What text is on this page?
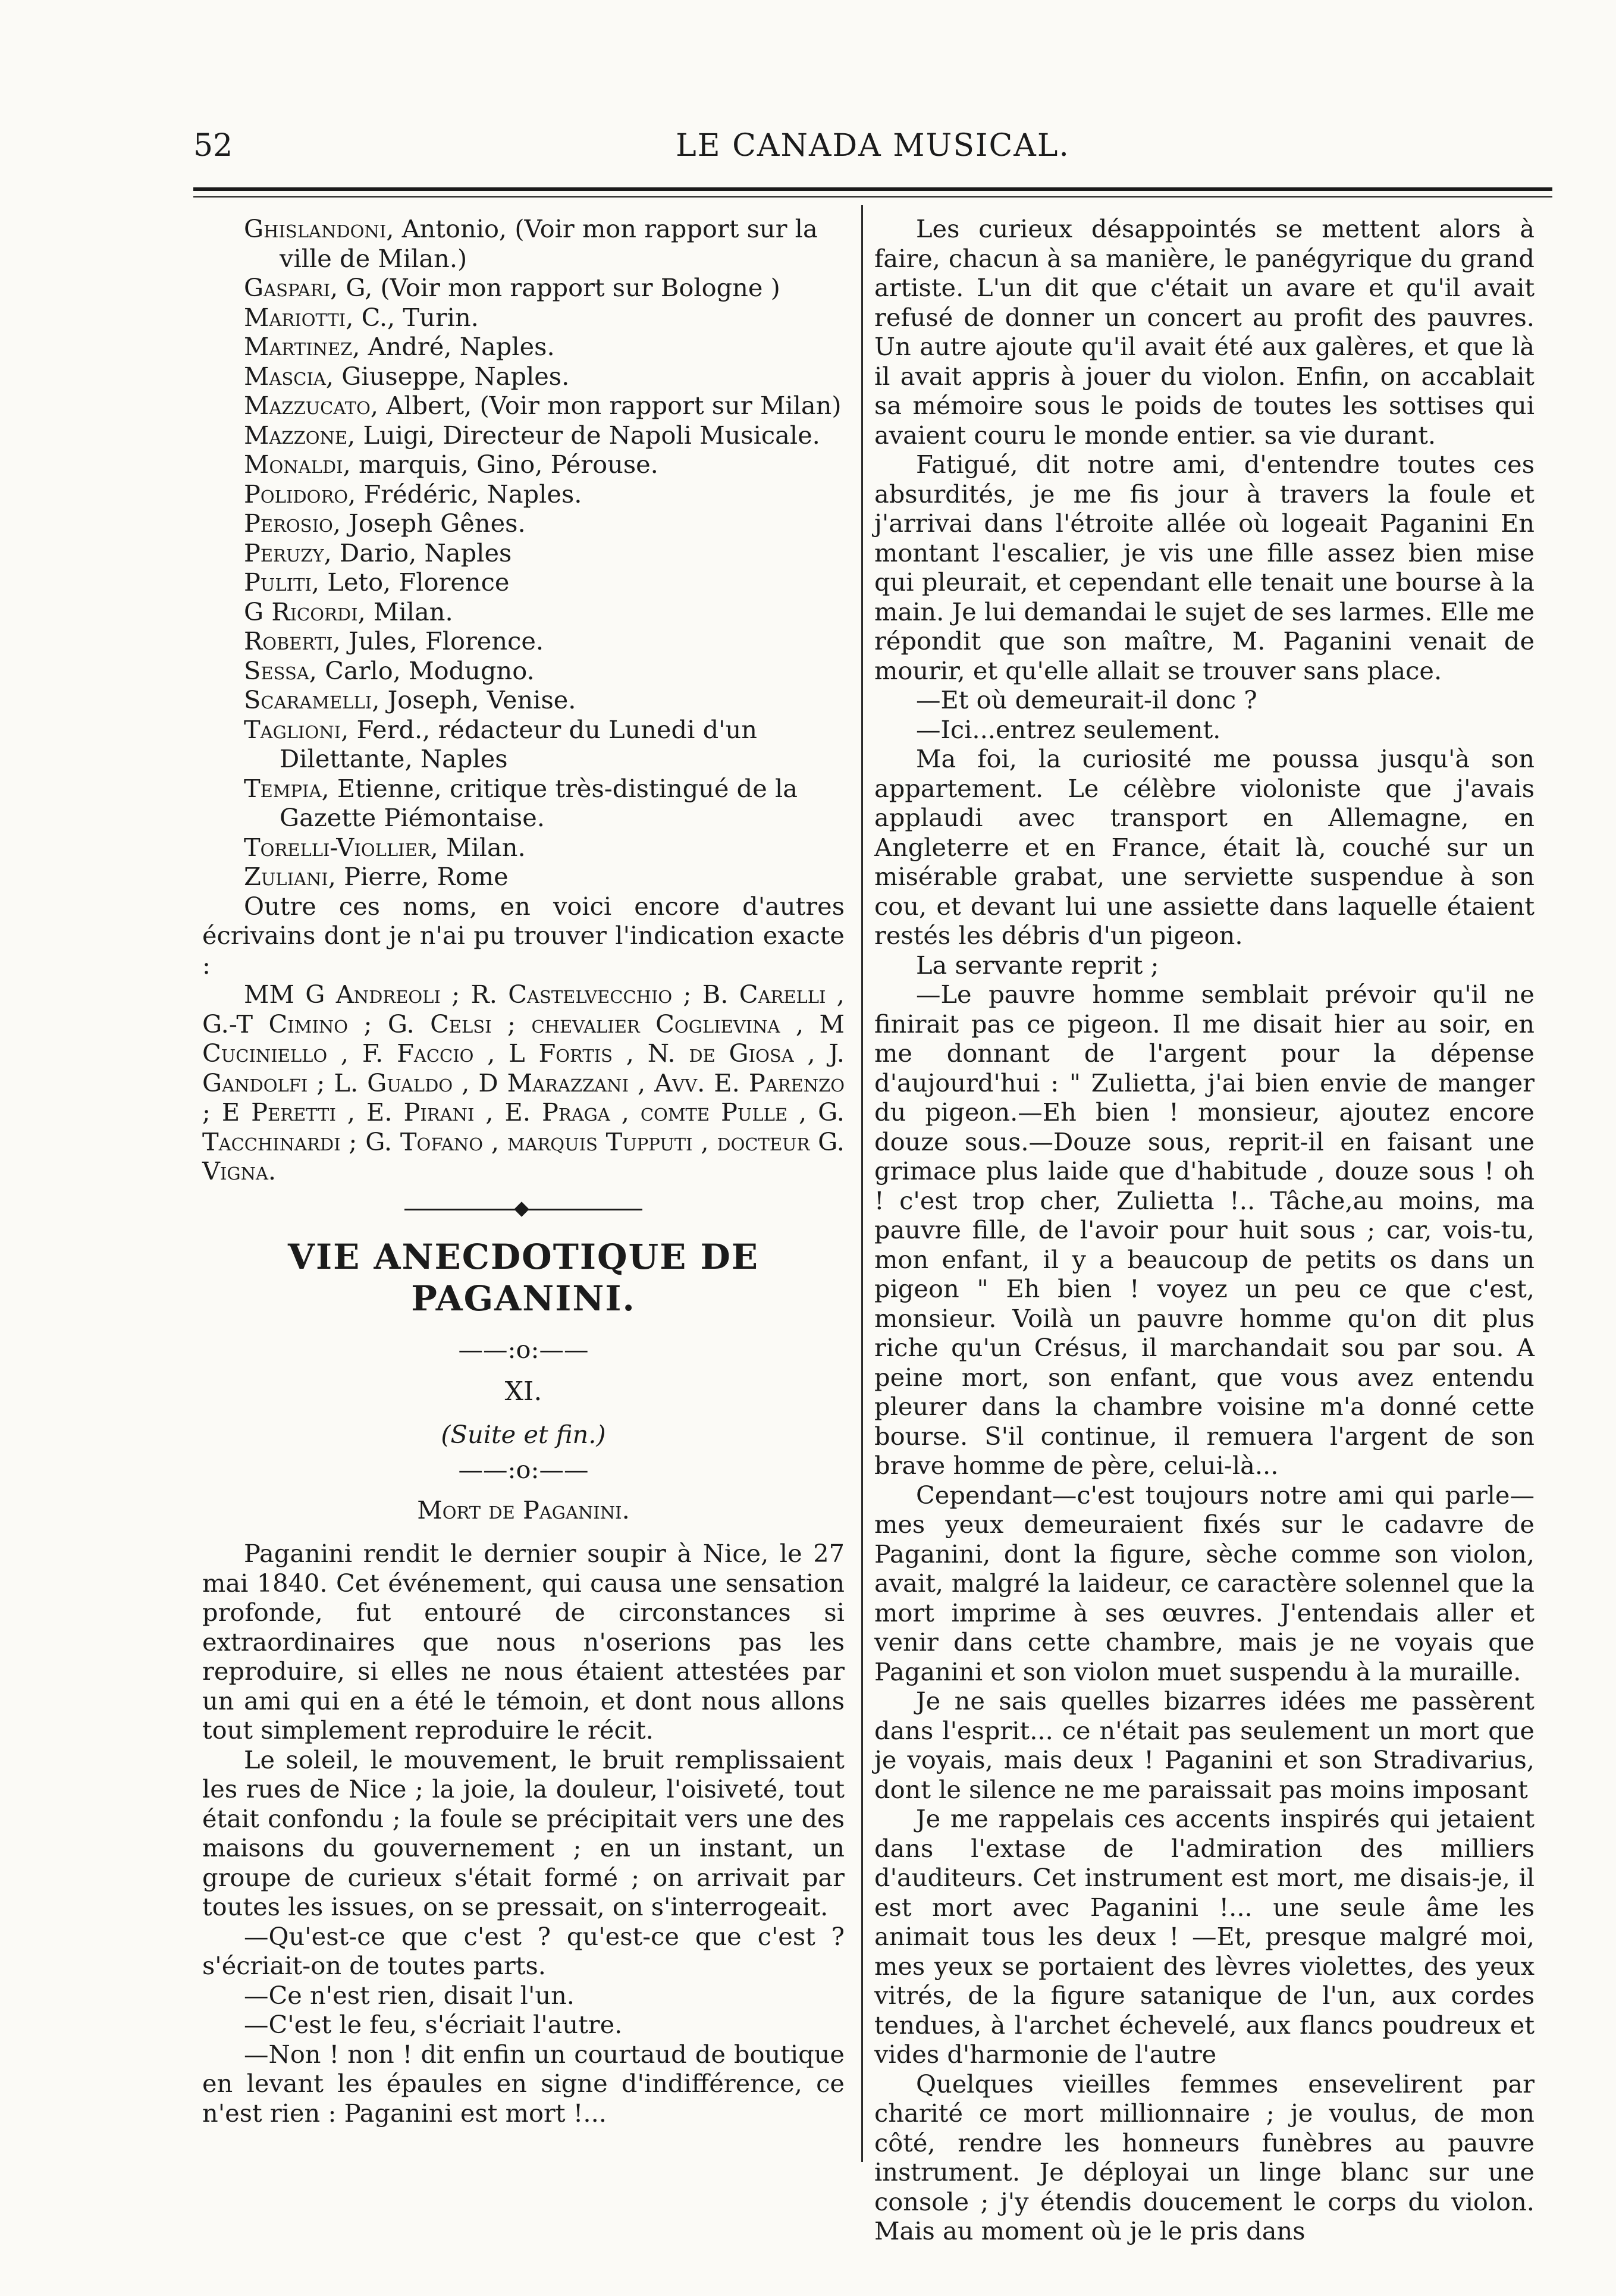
52	LE CANADA MUSICAL.
Ghislandoni, Antonio, (Voir mon rapport sur la ville de Milan.)
Gaspari, G, (Voir mon rapport sur Bologne )
Mariotti, C., Turin.
Martinez, André, Naples.
Mascia, Giuseppe, Naples.
Mazzucato, Albert, (Voir mon rapport sur Milan)
Mazzone, Luigi, Directeur de Napoli Musicale.
Monaldi, marquis, Gino, Pérouse.
Polidoro, Frédéric, Naples.
Perosio, Joseph Gênes.
Peruzy, Dario, Naples
Puliti, Leto, Florence
G Ricordi, Milan.
Roberti, Jules, Florence.
Sessa, Carlo, Modugno.
Scaramelli, Joseph, Venise.
Taglioni, Ferd., rédacteur du Lunedi d'un Dilettante, Naples
Tempia, Etienne, critique très-distingué de la Gazette Piémontaise.
Torelli-Viollier, Milan.
Zuliani, Pierre, Rome

Outre ces noms, en voici encore d'autres écrivains dont je n'ai pu trouver l'indication exacte :

MM G Andreoli ; R. Castelvecchio ; B. Carelli , G.-T Cimino ; G. Celsi ; chevalier Coglievina , M Cuciniello , F. Faccio , L Fortis , N. de Giosa , J. Gandolfi ; L. Gualdo , D Marazzani , Avv. E. Parenzo ; E Peretti , E. Pirani , E. Praga , comte Pulle , G. Tacchinardi ; G. Tofano , marquis Tupputi , docteur G. Vigna.

VIE ANECDOTIQUE DE PAGANINI.
——:o:——
XI.
(Suite et fin.)
——:o:——
Mort de Paganini.

Paganini rendit le dernier soupir à Nice, le 27 mai 1840. Cet événement, qui causa une sensation profonde, fut entouré de circonstances si extraordinaires que nous n'oserions pas les reproduire, si elles ne nous étaient attestées par un ami qui en a été le témoin, et dont nous allons tout simplement reproduire le récit.

Le soleil, le mouvement, le bruit remplissaient les rues de Nice ; la joie, la douleur, l'oisiveté, tout était confondu ; la foule se précipitait vers une des maisons du gouvernement ; en un instant, un groupe de curieux s'était formé ; on arrivait par toutes les issues, on se pressait, on s'interrogeait.

—Qu'est-ce que c'est ? qu'est-ce que c'est ? s'écriait-on de toutes parts.

—Ce n'est rien, disait l'un.

—C'est le feu, s'écriait l'autre.

—Non ! non ! dit enfin un courtaud de boutique en levant les épaules en signe d'indifférence, ce n'est rien : Paganini est mort !...

Les curieux désappointés se mettent alors à faire, chacun à sa manière, le panégyrique du grand artiste. L'un dit que c'était un avare et qu'il avait refusé de donner un concert au profit des pauvres. Un autre ajoute qu'il avait été aux galères, et que là il avait appris à jouer du violon. Enfin, on accablait sa mémoire sous le poids de toutes les sottises qui avaient couru le monde entier. sa vie durant.

Fatigué, dit notre ami, d'entendre toutes ces absurdités, je me fis jour à travers la foule et j'arrivai dans l'étroite allée où logeait Paganini En montant l'escalier, je vis une fille assez bien mise qui pleurait, et cependant elle tenait une bourse à la main. Je lui demandai le sujet de ses larmes. Elle me répondit que son maître, M. Paganini venait de mourir, et qu'elle allait se trouver sans place.

—Et où demeurait-il donc ?

—Ici...entrez seulement.

Ma foi, la curiosité me poussa jusqu'à son appartement. Le célèbre violoniste que j'avais applaudi avec transport en Allemagne, en Angleterre et en France, était là, couché sur un misérable grabat, une serviette suspendue à son cou, et devant lui une assiette dans laquelle étaient restés les débris d'un pigeon.

La servante reprit ;

—Le pauvre homme semblait prévoir qu'il ne finirait pas ce pigeon. Il me disait hier au soir, en me donnant de l'argent pour la dépense d'aujourd'hui : " Zulietta, j'ai bien envie de manger du pigeon.—Eh bien ! monsieur, ajoutez encore douze sous.—Douze sous, reprit-il en faisant une grimace plus laide que d'habitude , douze sous ! oh ! c'est trop cher, Zulietta !.. Tâche,au moins, ma pauvre fille, de l'avoir pour huit sous ; car, vois-tu, mon enfant, il y a beaucoup de petits os dans un pigeon " Eh bien ! voyez un peu ce que c'est, monsieur. Voilà un pauvre homme qu'on dit plus riche qu'un Crésus, il marchandait sou par sou. A peine mort, son enfant, que vous avez entendu pleurer dans la chambre voisine m'a donné cette bourse. S'il continue, il remuera l'argent de son brave homme de père, celui-là...

Cependant—c'est toujours notre ami qui parle—mes yeux demeuraient fixés sur le cadavre de Paganini, dont la figure, sèche comme son violon, avait, malgré la laideur, ce caractère solennel que la mort imprime à ses œuvres. J'entendais aller et venir dans cette chambre, mais je ne voyais que Paganini et son violon muet suspendu à la muraille.

Je ne sais quelles bizarres idées me passèrent dans l'esprit... ce n'était pas seulement un mort que je voyais, mais deux ! Paganini et son Stradivarius, dont le silence ne me paraissait pas moins imposant

Je me rappelais ces accents inspirés qui jetaient dans l'extase de l'admiration des milliers d'auditeurs. Cet instrument est mort, me disais-je, il est mort avec Paganini !... une seule âme les animait tous les deux ! —Et, presque malgré moi, mes yeux se portaient des lèvres violettes, des yeux vitrés, de la figure satanique de l'un, aux cordes tendues, à l'archet échevelé, aux flancs poudreux et vides d'harmonie de l'autre

Quelques vieilles femmes ensevelirent par charité ce mort millionnaire ; je voulus, de mon côté, rendre les honneurs funèbres au pauvre instrument. Je déployai un linge blanc sur une console ; j'y étendis doucement le corps du violon. Mais au moment où je le pris dans
